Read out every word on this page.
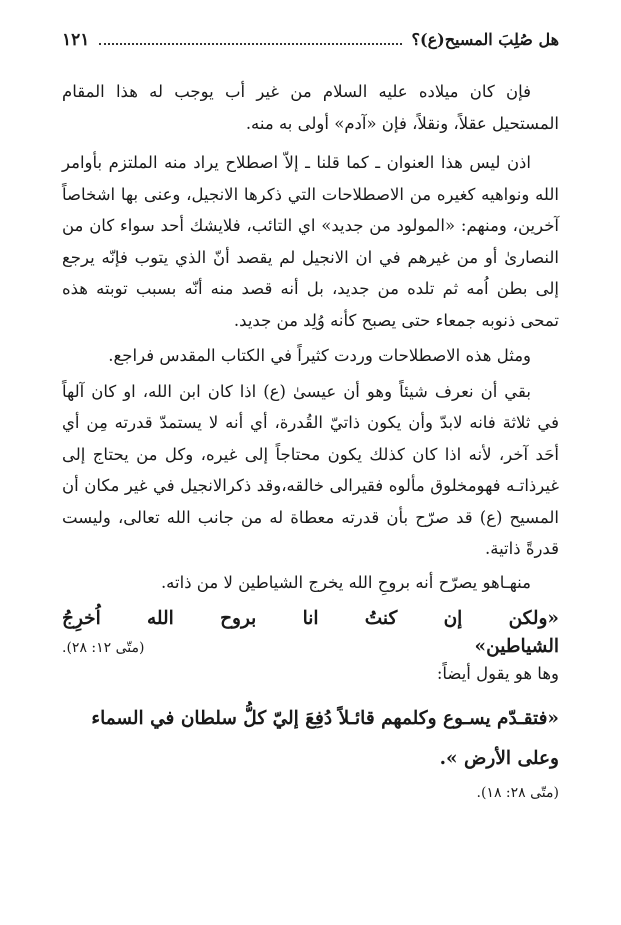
هل صُلِبَ المسيح(ع)؟
١٢١

فإن كان ميلاده عليه السلام من غير أب يوجب له هذا المقام المستحيل عقلاً، ونقلاً، فإن «آدم» أولى به منه.

اذن ليس هذا العنوان ـ كما قلنا ـ إلاّ اصطلاح يراد منه الملتزم بأوامر الله ونواهيه كغيره من الاصطلاحات التي ذكرها الانجيل، وعنى بها اشخاصاً آخرين، ومنهم: «المولود من جديد» اي التائب، فلايشك أحد سواء كان من النصارىٰ أو من غيرهم في ان الانجيل لم يقصد أنّ الذي يتوب فإنّه يرجع إلى بطن اُمه ثم تلده من جديد، بل أنه قصد منه أنّه بسبب توبته هذه تمحى ذنوبه جمعاء حتى يصبح كأنه وُلِد من جديد.

ومثل هذه الاصطلاحات وردت كثيراً في الكتاب المقدس فراجع.

بقي أن نعرف شيئاً وهو أن عيسىٰ (ع) اذا كان ابن الله، او كان آلهاً في ثلاثة فانه لابدّ وأن يكون ذاتيّ القُدرة، أي أنه لا يستمدّ قدرته مِن أي أحَد آخر، لأنه اذا كان كذلك يكون محتاجاً إلى غيره، وكل من يحتاج إلى غيرذاتـه فهومخلوق مألوه فقيرالى خالقه،وقد ذكرالانجيل في غير مكان أن المسيح (ع) قد صرّح بأن قدرته معطاة له من جانب الله تعالى، وليست قدرةً ذاتية.

منهـاهو يصرّح أنه بروحِ الله يخرج الشياطين لا من ذاته.

«ولكن إن كنتُ انا بروح الله اُخرِجُ
الشياطين»
(متّى ١٢: ٢٨).
وها هو يقول أيضاً:
«فتقـدّم يسـوع وكلمهم قائـلاً دُفِعَ إليّ كلُّ سلطان في السماء وعلى الأرض ».
(متّى ٢٨: ١٨).
